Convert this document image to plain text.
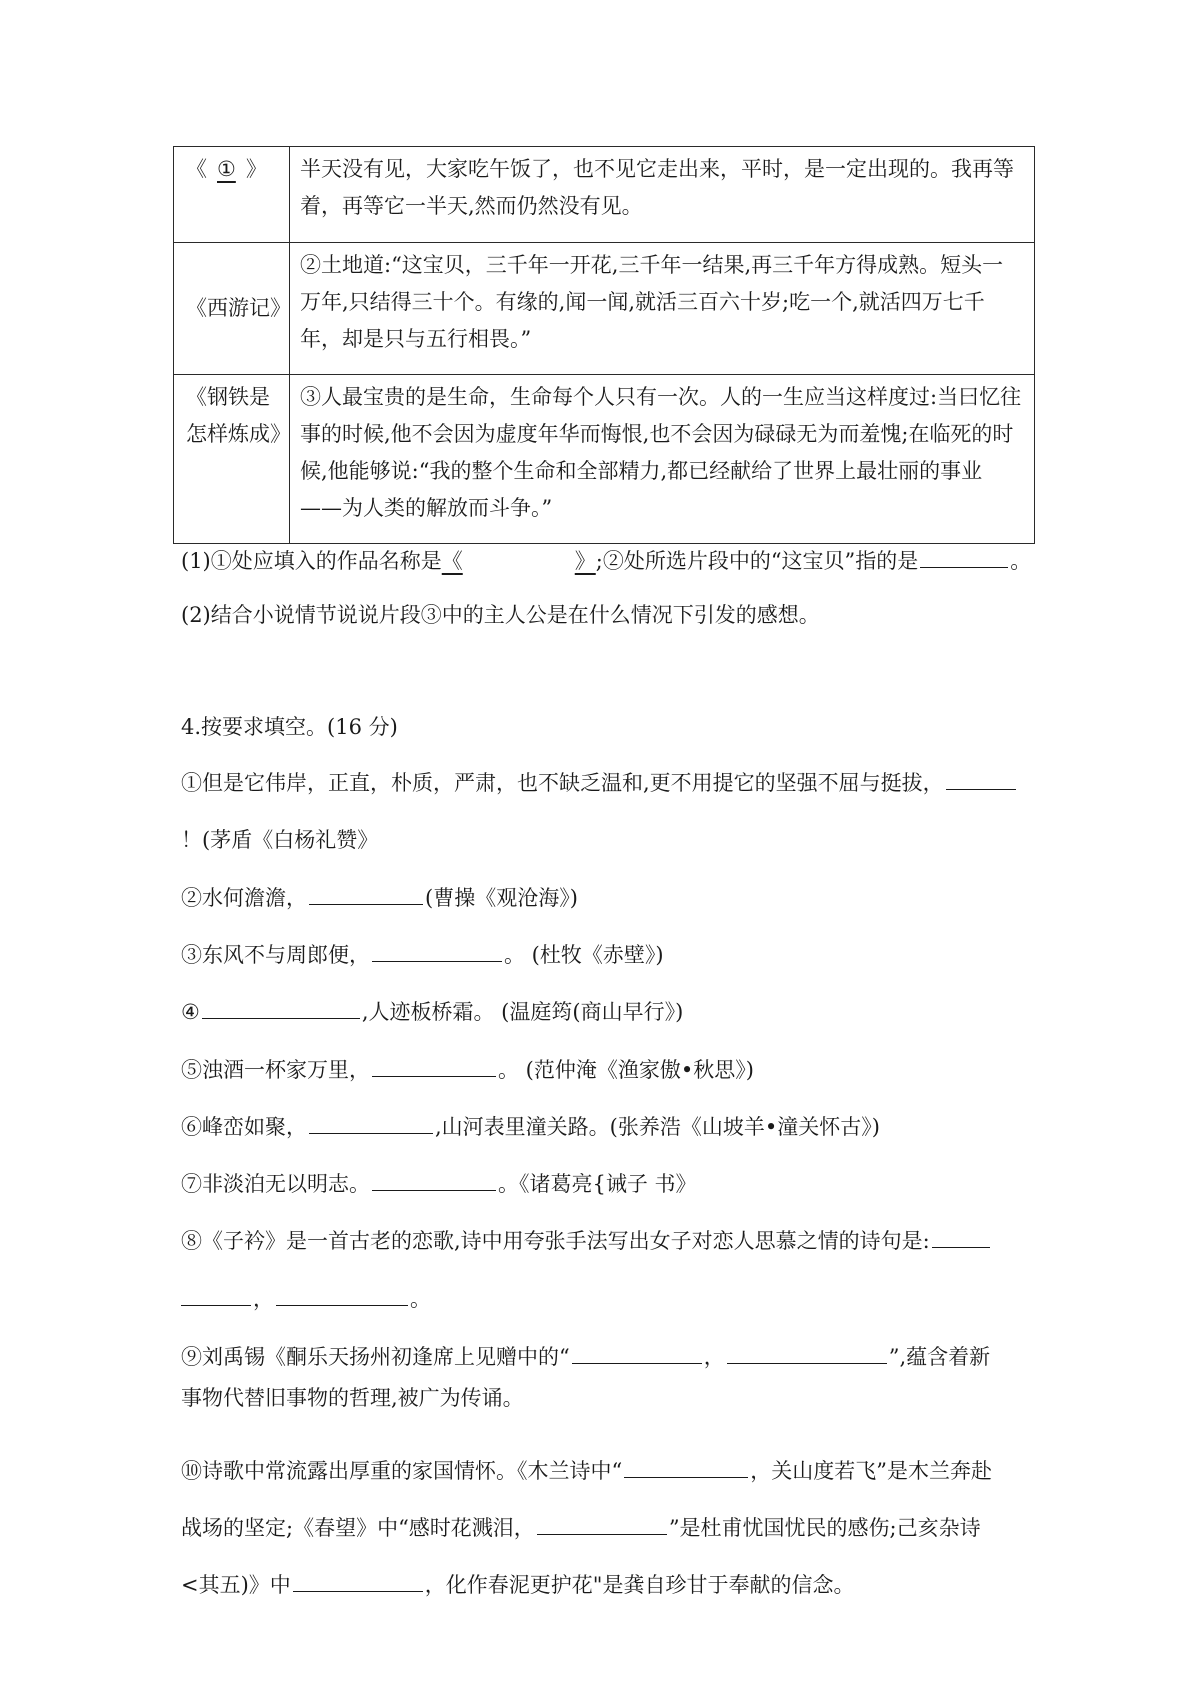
《 ① 》	半天没有见，大家吃午饭了，也不见它走出来，平时，是一定出现的。我再等着，再等它一半天,然而仍然没有见。
《西游记》	②土地道:“这宝贝，三千年一开花,三千年一结果,再三千年方得成熟。短头一万年,只结得三十个。有缘的,闻一闻,就活三百六十岁;吃一个,就活四万七千年，却是只与五行相畏。”
《钢铁是怎样炼成》	③人最宝贵的是生命，生命每个人只有一次。人的一生应当这样度过:当曰忆往事的时候,他不会因为虚度年华而悔恨,也不会因为碌碌无为而羞愧;在临死的时候,他能够说:“我的整个生命和全部精力,都已经献给了世界上最壮丽的事业——为人类的解放而斗争。”
(1)①处应填入的作品名称是《	》;②处所选片段中的“这宝贝”指的是	。
(2)结合小说情节说说片段③中的主人公是在什么情况下引发的感想。
4.按要求填空。(16 分)
①但是它伟岸，正直，朴质，严肃，也不缺乏温和,更不用提它的坚强不屈与挺拔，
！(茅盾《白杨礼赞》
②水何澹澹，	(曹操《观沧海》)
③东风不与周郎便，	。 (杜牧《赤壁》)
④	,人迹板桥霜。 (温庭筠(商山早行》)
⑤浊酒一杯家万里，	。 (范仲淹《渔家傲•秋思》)
⑥峰峦如聚，	,山河表里潼关路。(张养浩《山坡羊•潼关怀古》)
⑦非淡泊无以明志。	。《诸葛亮{诫子 书》
⑧《子衿》是一首古老的恋歌,诗中用夸张手法写出女子对恋人思慕之情的诗句是:
，	。
⑨刘禹锡《酮乐天扬州初逢席上见赠中的“	，	”,蕴含着新
事物代替旧事物的哲理,被广为传诵。
⑩诗歌中常流露出厚重的家国情怀。《木兰诗中“	，关山度若飞”是木兰奔赴
战场的坚定;《春望》中“感时花溅泪，	”是杜甫忧国忧民的感伤;己亥杂诗
<其五)》中	，化作春泥更护花"是龚自珍甘于奉献的信念。
